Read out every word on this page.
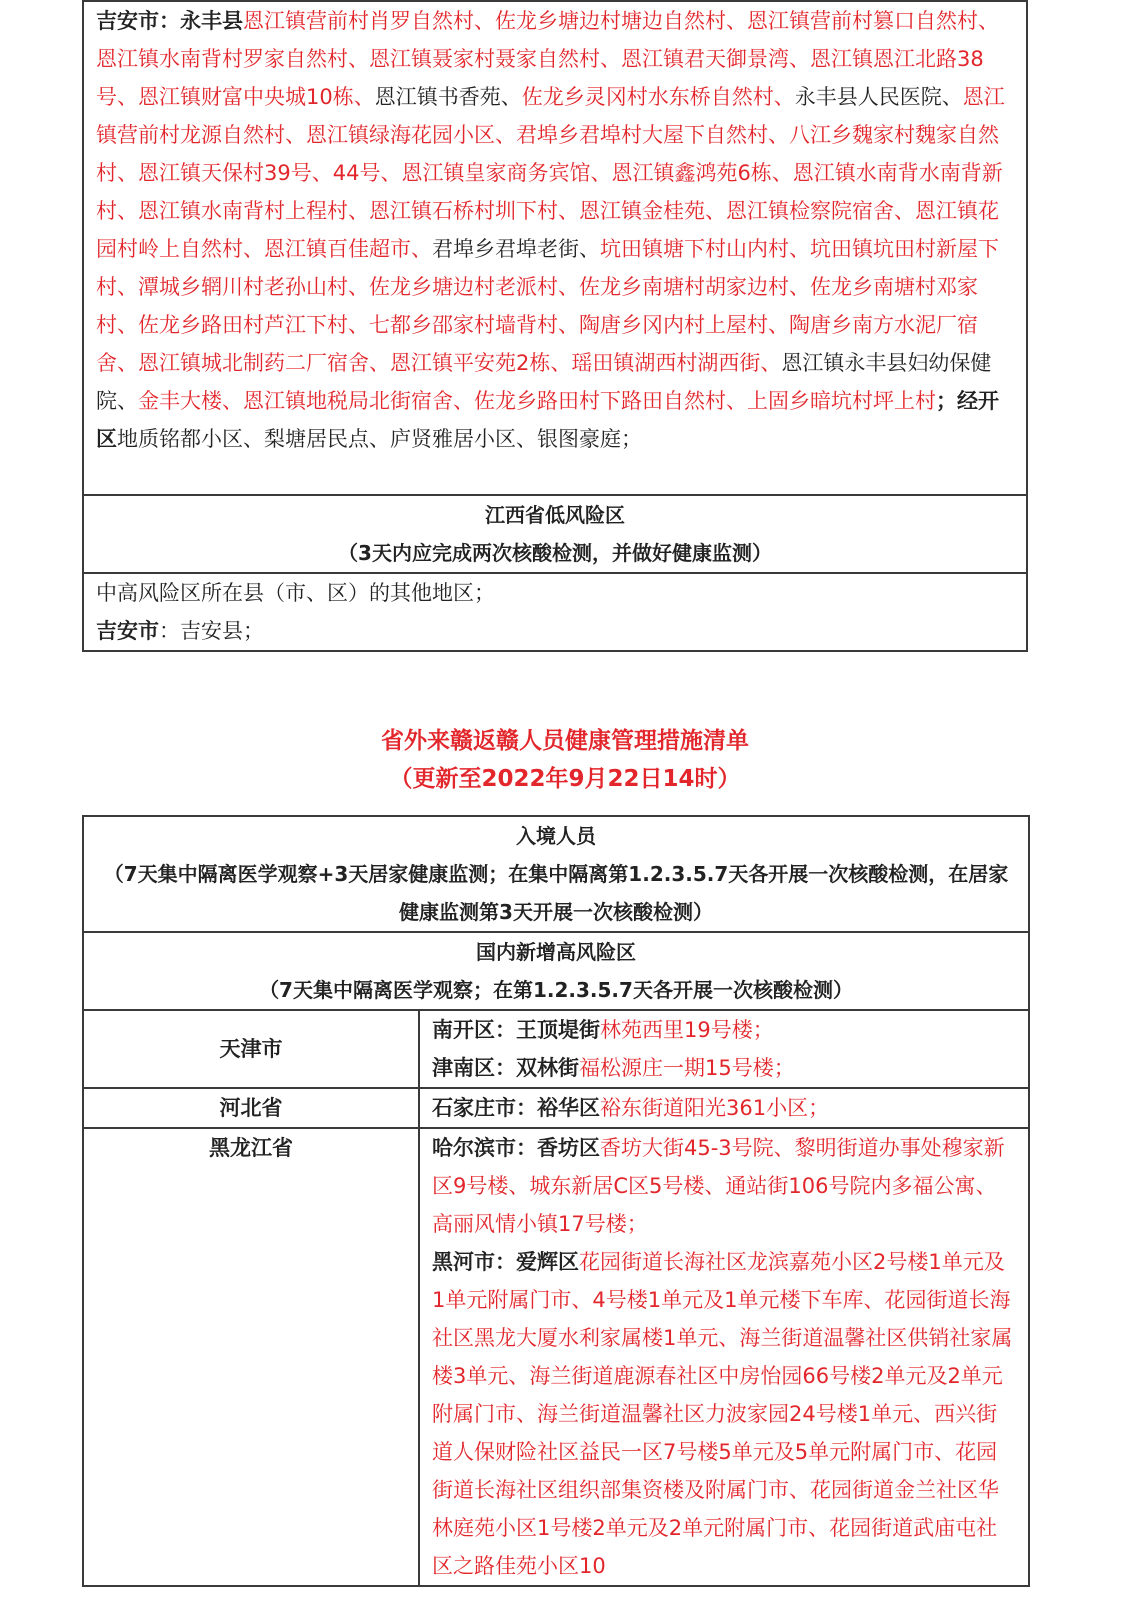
吉安市：永丰县恩江镇营前村肖罗自然村、佐龙乡塘边村塘边自然村、恩江镇营前村篡口自然村、恩江镇水南背村罗家自然村、恩江镇聂家村聂家自然村、恩江镇君天御景湾、恩江镇恩江北路38号、恩江镇财富中央城10栋、恩江镇书香苑、佐龙乡灵冈村水东桥自然村、永丰县人民医院、恩江镇营前村龙源自然村、恩江镇绿海花园小区、君埠乡君埠村大屋下自然村、八江乡魏家村魏家自然村、恩江镇天保村39号、44号、恩江镇皇家商务宾馆、恩江镇鑫鸿苑6栋、恩江镇水南背水南背新村、恩江镇水南背村上程村、恩江镇石桥村圳下村、恩江镇金桂苑、恩江镇检察院宿舍、恩江镇花园村岭上自然村、恩江镇百佳超市、君埠乡君埠老街、坑田镇塘下村山内村、坑田镇坑田村新屋下村、潭城乡辋川村老孙山村、佐龙乡塘边村老派村、佐龙乡南塘村胡家边村、佐龙乡南塘村邓家村、佐龙乡路田村芦江下村、七都乡邵家村墙背村、陶唐乡冈内村上屋村、陶唐乡南方水泥厂宿舍、恩江镇城北制药二厂宿舍、恩江镇平安苑2栋、瑶田镇湖西村湖西街、恩江镇永丰县妇幼保健院、金丰大楼、恩江镇地税局北街宿舍、佐龙乡路田村下路田自然村、上固乡暗坑村坪上村；经开区地质铭都小区、梨塘居民点、庐贤雅居小区、银图豪庭；

江西省低风险区
（3天内应完成两次核酸检测，并做好健康监测）

中高风险区所在县（市、区）的其他地区；
吉安市：吉安县；
省外来赣返赣人员健康管理措施清单
（更新至2022年9月22日14时）
入境人员
（7天集中隔离医学观察+3天居家健康监测；在集中隔离第1.2.3.5.7天各开展一次核酸检测，在居家健康监测第3天开展一次核酸检测）	

国内新增高风险区
（7天集中隔离医学观察；在第1.2.3.5.7天各开展一次核酸检测）	

天津市	南开区：王顶堤街林苑西里19号楼；
津南区：双林街福松源庄一期15号楼；

河北省	石家庄市：裕华区裕东街道阳光361小区；
黑龙江省	哈尔滨市：香坊区香坊大街45-3号院、黎明街道办事处穆家新区9号楼、城东新居C区5号楼、通站街106号院内多福公寓、高丽风情小镇17号楼；
黑河市：爱辉区花园街道长海社区龙滨嘉苑小区2号楼1单元及1单元附属门市、4号楼1单元及1单元楼下车库、花园街道长海社区黑龙大厦水利家属楼1单元、海兰街道温馨社区供销社家属楼3单元、海兰街道鹿源春社区中房怡园66号楼2单元及2单元附属门市、海兰街道温馨社区力波家园24号楼1单元、西兴街道人保财险社区益民一区7号楼5单元及5单元附属门市、花园街道长海社区组织部集资楼及附属门市、花园街道金兰社区华林庭苑小区1号楼2单元及2单元附属门市、花园街道武庙屯社区之路佳苑小区10
